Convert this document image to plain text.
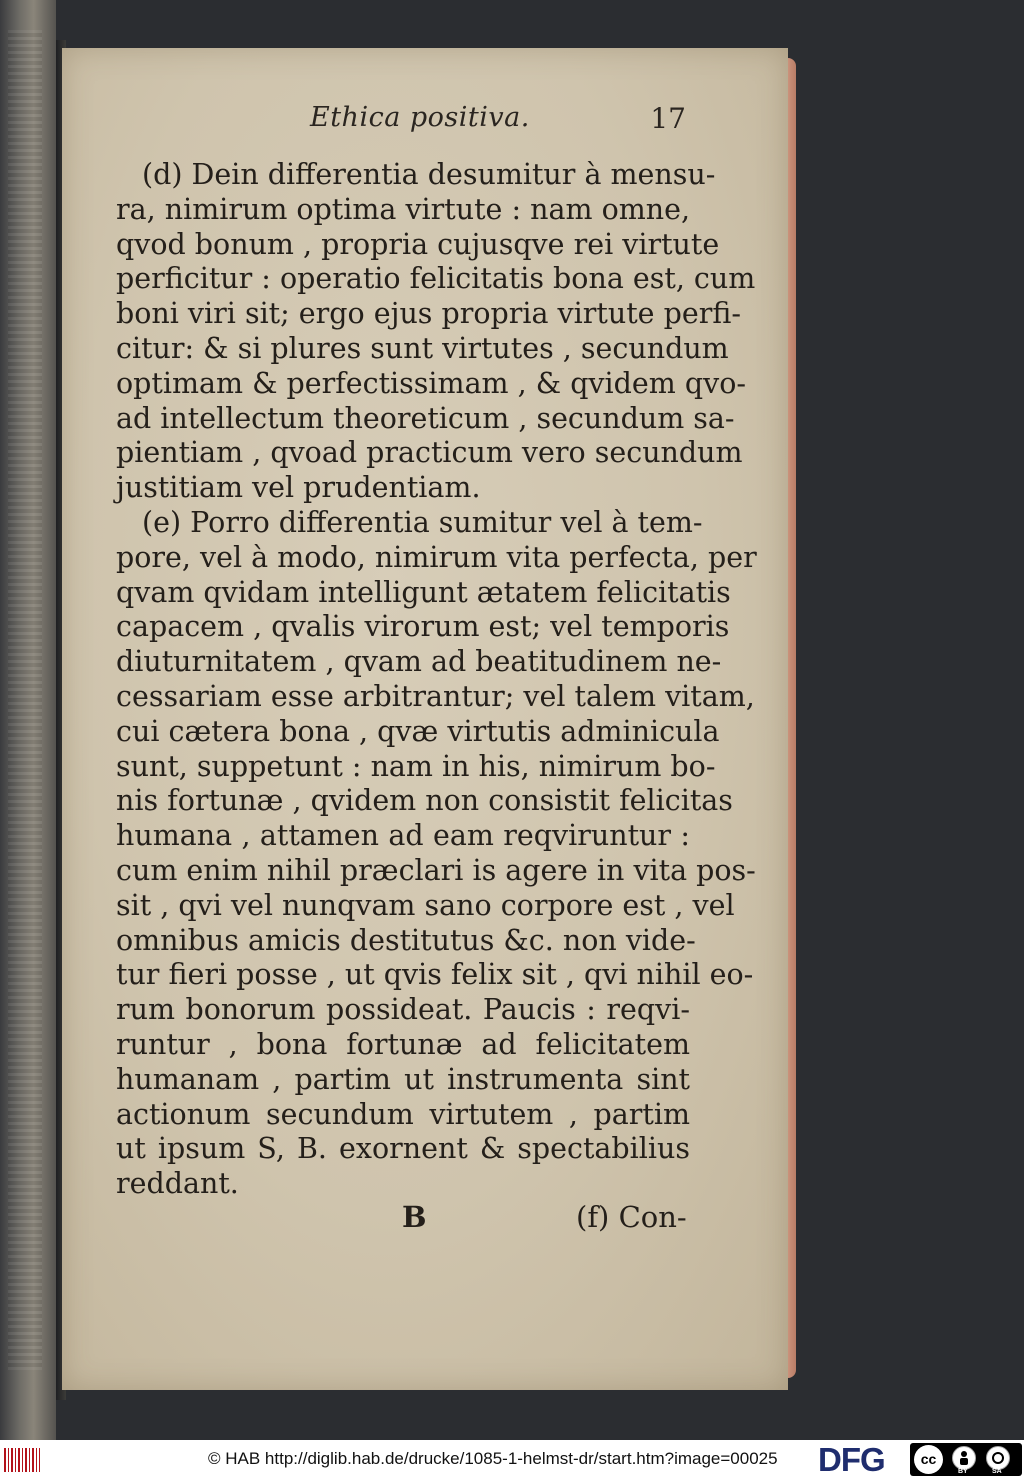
Ethica positiva.	17
(d) Dein differentia desumitur à mensu-
ra, nimirum optima virtute : nam omne,
qvod bonum , propria cujusqve rei virtute
perficitur : operatio felicitatis bona est, cum
boni viri sit; ergo ejus propria virtute perfi-
citur: & si plures sunt virtutes , secundum
optimam & perfectissimam , & qvidem qvo-
ad intellectum theoreticum , secundum sa-
pientiam , qvoad practicum vero secundum
justitiam vel prudentiam.
(e) Porro differentia sumitur vel à tem-
pore, vel à modo, nimirum vita perfecta, per
qvam qvidam intelligunt ætatem felicitatis
capacem , qvalis virorum est; vel temporis
diuturnitatem , qvam ad beatitudinem ne-
cessariam esse arbitrantur; vel talem vitam,
cui cætera bona , qvæ virtutis adminicula
sunt, suppetunt : nam in his, nimirum bo-
nis fortunæ , qvidem non consistit felicitas
humana , attamen ad eam reqviruntur :
cum enim nihil præclari is agere in vita pos-
sit , qvi vel nunqvam sano corpore est , vel
omnibus amicis destitutus &c. non vide-
tur fieri posse , ut qvis felix sit , qvi nihil eo-
rum bonorum possideat. Paucis : reqvi-
runtur , bona fortunæ ad felicitatem
humanam , partim ut instrumenta sint
actionum secundum virtutem , partim
ut ipsum S, B. exornent & spectabilius
reddant.
B	(f) Con-
© HAB http://diglib.hab.de/drucke/1085-1-helmst-dr/start.htm?image=00025 DFG	cc
BY	SA
